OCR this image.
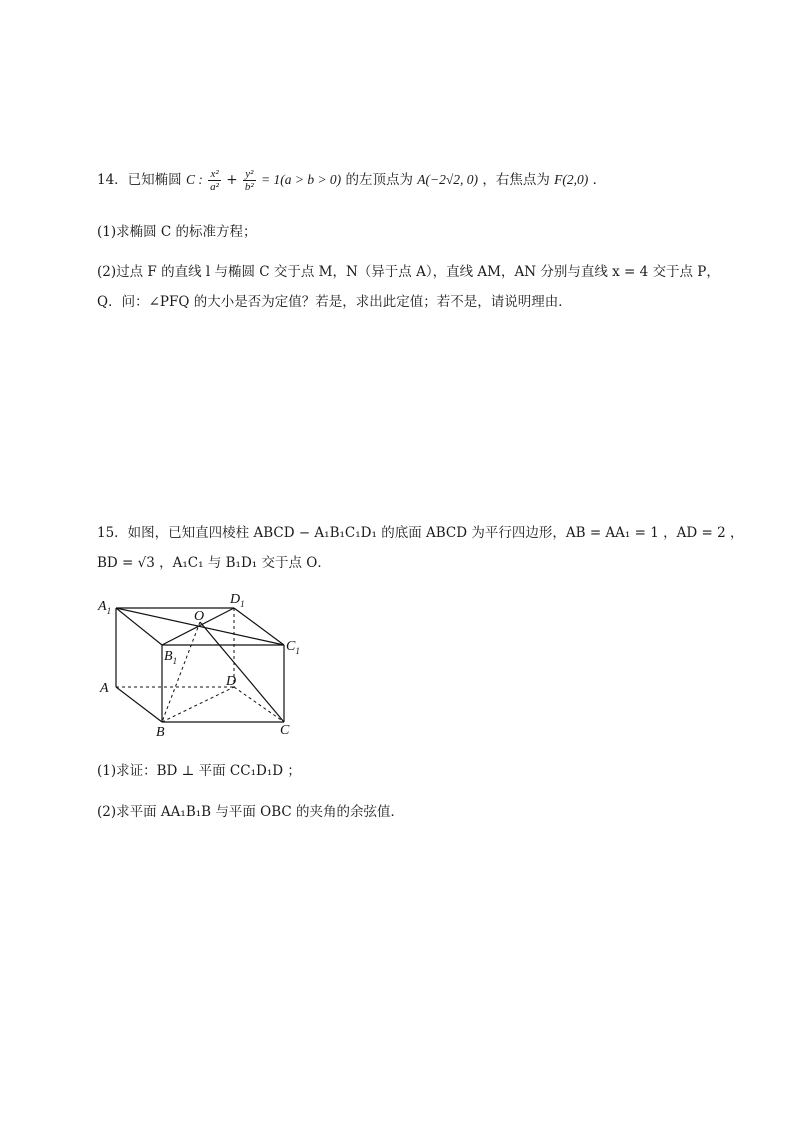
14．已知椭圆 C : $\frac{\text{x²}}{\text{a²}} + \frac{\text{y²}}{\text{b²}} = 1(a > b > 0)$ 的左顶点为 A(−2√2, 0) ，右焦点为 F(2,0) ．
(1)求椭圆 C 的标准方程；
(2)过点 F 的直线 l 与椭圆 C 交于点 M，N（异于点 A），直线 AM，AN 分别与直线 x = 4 交于点 P，
Q．问：∠PFQ 的大小是否为定值？若是，求出此定值；若不是，请说明理由．
15．如图，已知直四棱柱 ABCD − A₁B₁C₁D₁ 的底面 ABCD 为平行四边形，AB = AA₁ = 1 ，AD = 2 ，
BD = √3 ，A₁C₁ 与 B₁D₁ 交于点 O．
$A_1$
$D_1$
O
$C_1$
$B_1$
A	D
B	C
(1)求证：BD ⊥ 平面 CC₁D₁D ；
(2)求平面 AA₁B₁B 与平面 OBC 的夹角的余弦值．
